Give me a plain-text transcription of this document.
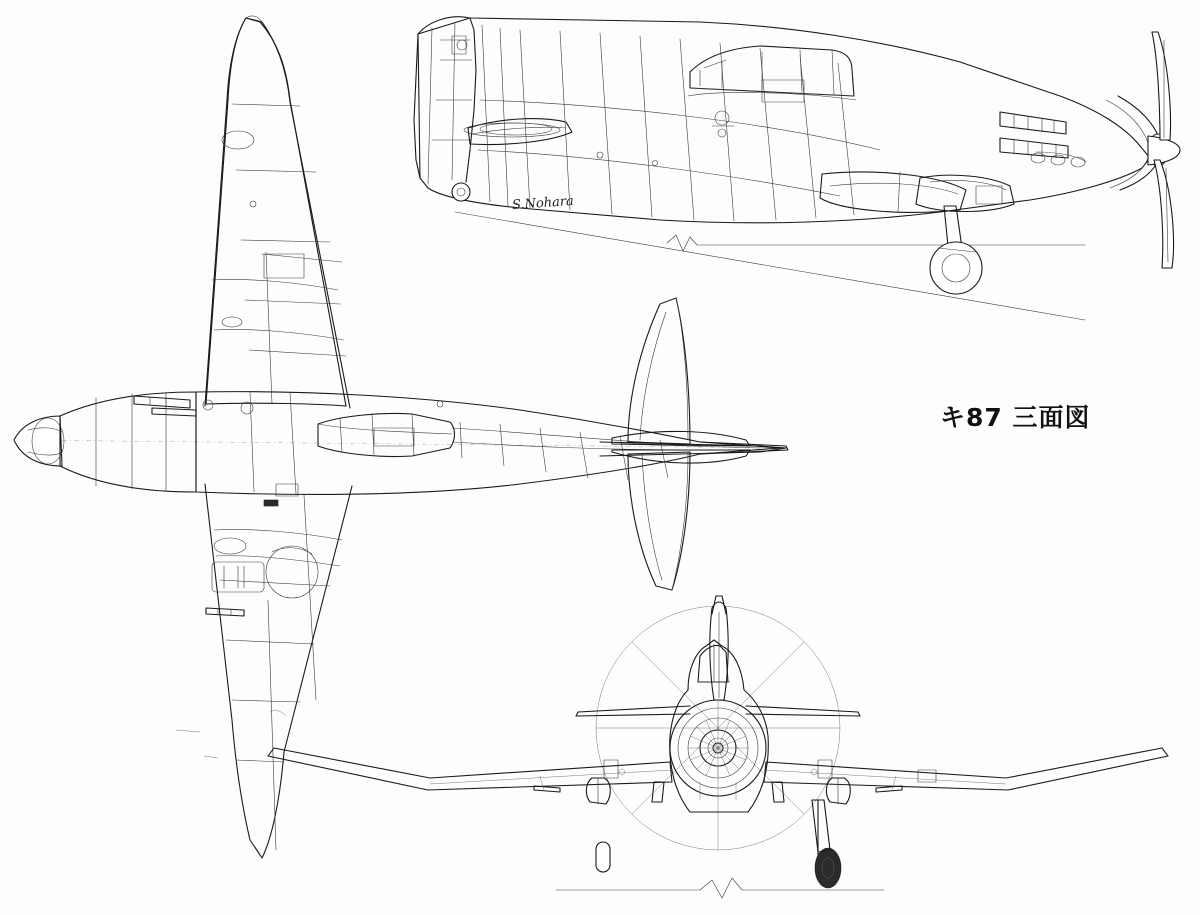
キ87 三面図
S.Nohara
